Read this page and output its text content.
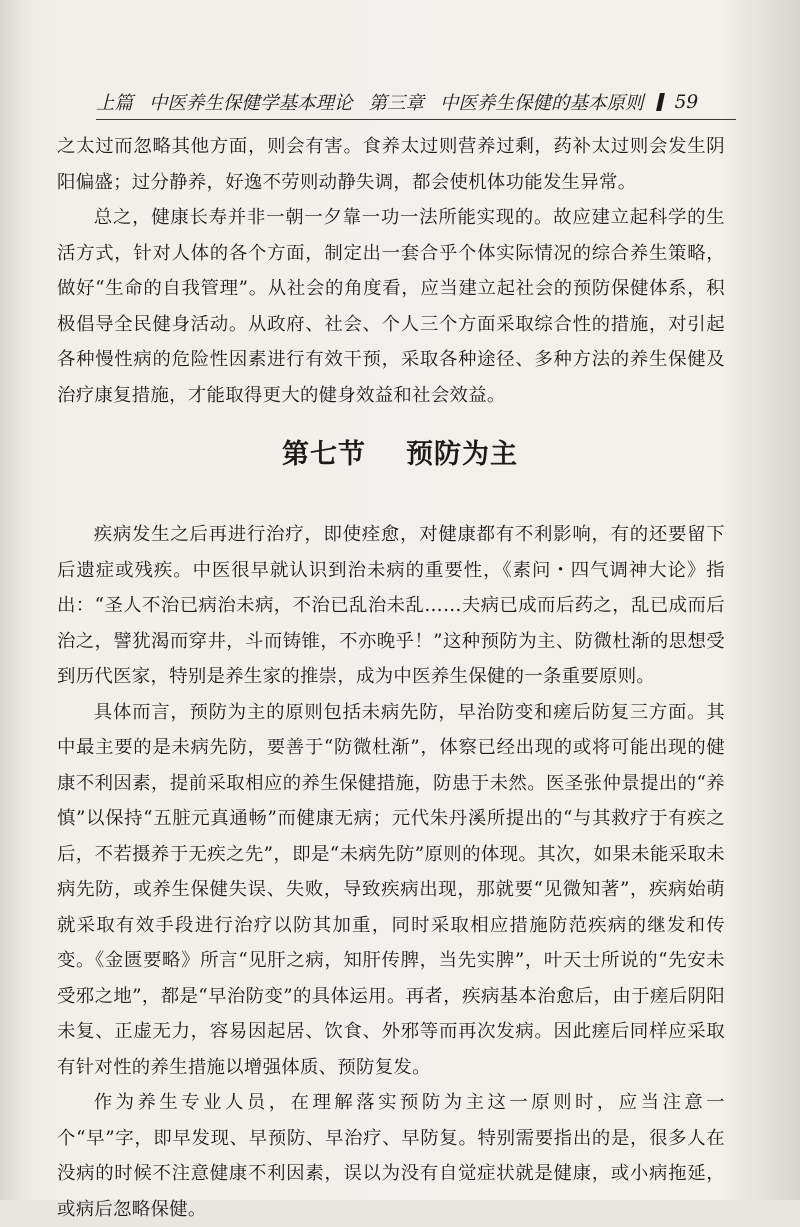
上篇 中医养生保健学基本理论 第三章 中医养生保健的基本原则 59

之太过而忽略其他方面，则会有害。食养太过则营养过剩，药补太过则会发生阴阳偏盛；过分静养，好逸不劳则动静失调，都会使机体功能发生异常。

总之，健康长寿并非一朝一夕靠一功一法所能实现的。故应建立起科学的生活方式，针对人体的各个方面，制定出一套合乎个体实际情况的综合养生策略，做好“生命的自我管理”。从社会的角度看，应当建立起社会的预防保健体系，积极倡导全民健身活动。从政府、社会、个人三个方面采取综合性的措施，对引起各种慢性病的危险性因素进行有效干预，采取各种途径、多种方法的养生保健及治疗康复措施，才能取得更大的健身效益和社会效益。

第七节 预防为主

疾病发生之后再进行治疗，即使痊愈，对健康都有不利影响，有的还要留下后遗症或残疾。中医很早就认识到治未病的重要性，《素问・四气调神大论》指出：“圣人不治已病治未病，不治已乱治未乱……夫病已成而后药之，乱已成而后治之，譬犹渴而穿井，斗而铸锥，不亦晚乎！”这种预防为主、防微杜渐的思想受到历代医家，特别是养生家的推崇，成为中医养生保健的一条重要原则。

具体而言，预防为主的原则包括未病先防，早治防变和瘥后防复三方面。其中最主要的是未病先防，要善于“防微杜渐”，体察已经出现的或将可能出现的健康不利因素，提前采取相应的养生保健措施，防患于未然。医圣张仲景提出的“养慎”以保持“五脏元真通畅”而健康无病；元代朱丹溪所提出的“与其救疗于有疾之后，不若摄养于无疾之先”，即是“未病先防”原则的体现。其次，如果未能采取未病先防，或养生保健失误、失败，导致疾病出现，那就要“见微知著”，疾病始萌就采取有效手段进行治疗以防其加重，同时采取相应措施防范疾病的继发和传变。《金匮要略》所言“见肝之病，知肝传脾，当先实脾”，叶天士所说的“先安未受邪之地”，都是“早治防变”的具体运用。再者，疾病基本治愈后，由于瘥后阴阳未复、正虚无力，容易因起居、饮食、外邪等而再次发病。因此瘥后同样应采取有针对性的养生措施以增强体质、预防复发。

作为养生专业人员，在理解落实预防为主这一原则时，应当注意一个“早”字，即早发现、早预防、早治疗、早防复。特别需要指出的是，很多人在没病的时候不注意健康不利因素，误以为没有自觉症状就是健康，或小病拖延，或病后忽略保健。
